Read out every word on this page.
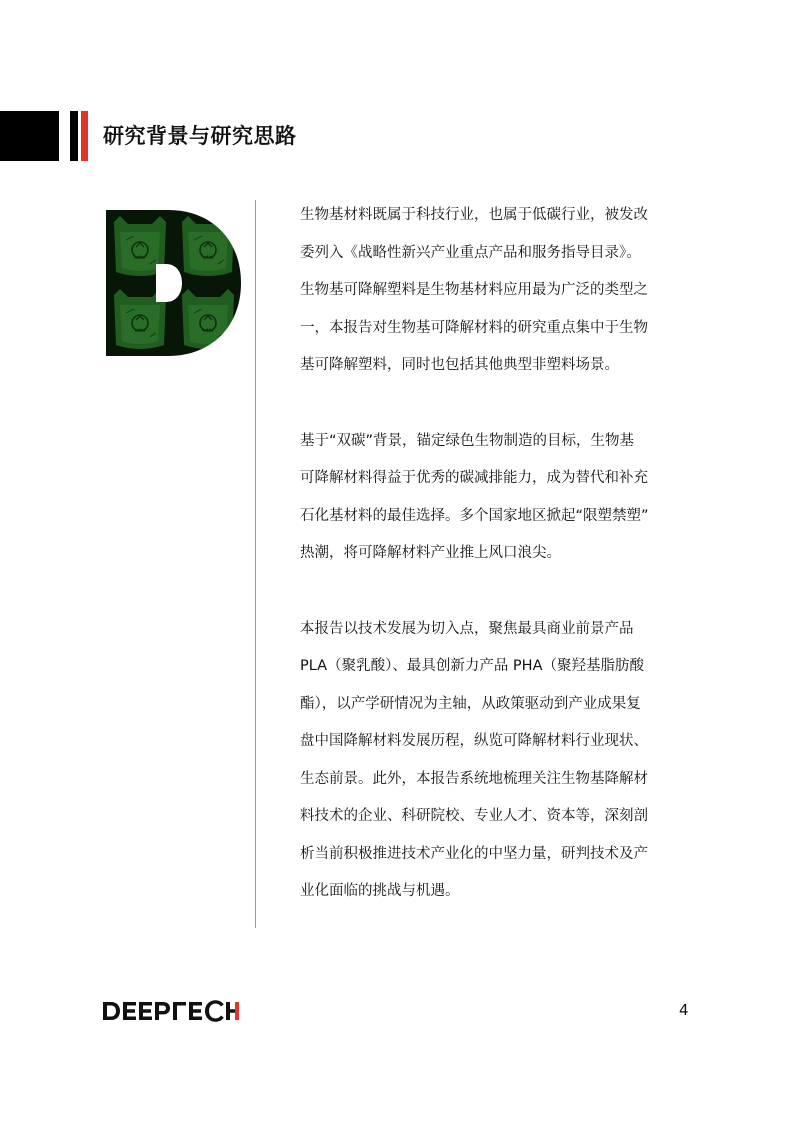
研究背景与研究思路

生物基材料既属于科技行业，也属于低碳行业，被发改
委列入《战略性新兴产业重点产品和服务指导目录》。
生物基可降解塑料是生物基材料应用最为广泛的类型之
一，本报告对生物基可降解材料的研究重点集中于生物
基可降解塑料，同时也包括其他典型非塑料场景。

基于“双碳”背景，锚定绿色生物制造的目标，生物基
可降解材料得益于优秀的碳减排能力，成为替代和补充
石化基材料的最佳选择。多个国家地区掀起“限塑禁塑”
热潮，将可降解材料产业推上风口浪尖。

本报告以技术发展为切入点，聚焦最具商业前景产品
PLA（聚乳酸）、最具创新力产品 PHA（聚羟基脂肪酸
酯），以产学研情况为主轴，从政策驱动到产业成果复
盘中国降解材料发展历程，纵览可降解材料行业现状、
生态前景。此外，本报告系统地梳理关注生物基降解材
料技术的企业、科研院校、专业人才、资本等，深刻剖
析当前积极推进技术产业化的中坚力量，研判技术及产
业化面临的挑战与机遇。

4
